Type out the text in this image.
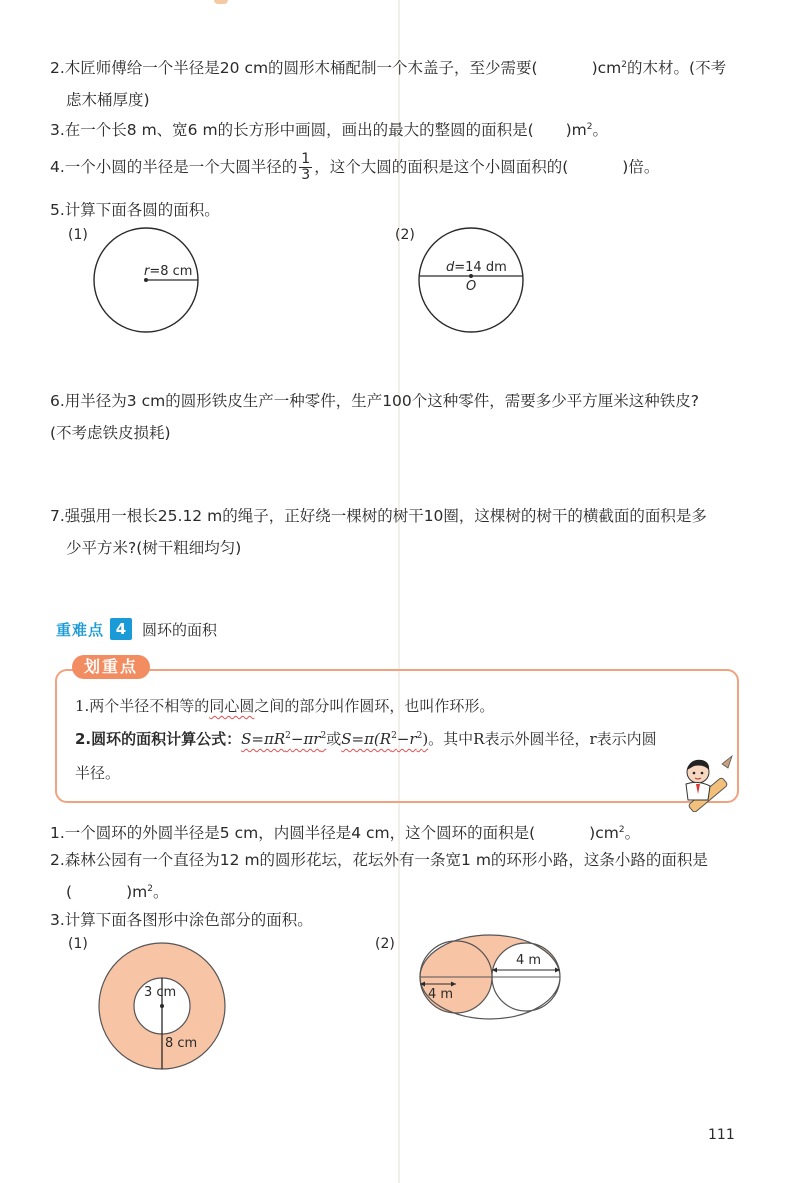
2.木匠师傅给一个半径是20 cm的圆形木桶配制一个木盖子，至少需要(	)$cm^2$的木材。(不考
虑木桶厚度)
3.在一个长8 m、宽6 m的长方形中画圆，画出的最大的整圆的面积是( )$m^2$。
4.一个小圆的半径是一个大圆半径的 $\frac{1}{3}$ ，这个大圆的面积是这个小圆面积的(	)倍。
5.计算下面各圆的面积。
(1)	(2)
r=8 cm	d=14 dm
O
6.用半径为3 cm的圆形铁皮生产一种零件，生产100个这种零件，需要多少平方厘米这种铁皮?
(不考虑铁皮损耗)
7.强强用一根长25.12 m的绳子，正好绕一棵树的树干10圈，这棵树的树干的横截面的面积是多
少平方米?(树干粗细均匀)
重难点 4	圆环的面积
划重点
1.两个半径不相等的同心圆之间的部分叫作圆环，也叫作环形。
2.圆环的面积计算公式：$S=\pi R^2-\pi r^2$或$S=\pi(R^2-r^2)$。其中R表示外圆半径，r表示内圆
半径。
1.一个圆环的外圆半径是5 cm，内圆半径是4 cm，这个圆环的面积是(	)$cm^2$。
2.森林公园有一个直径为12 m的圆形花坛，花坛外有一条宽1 m的环形小路，这条小路的面积是
(	)$m^2$。
3.计算下面各图形中涂色部分的面积。
(1)	(2)
3 cm
8 cm
4 m
4 m
111
